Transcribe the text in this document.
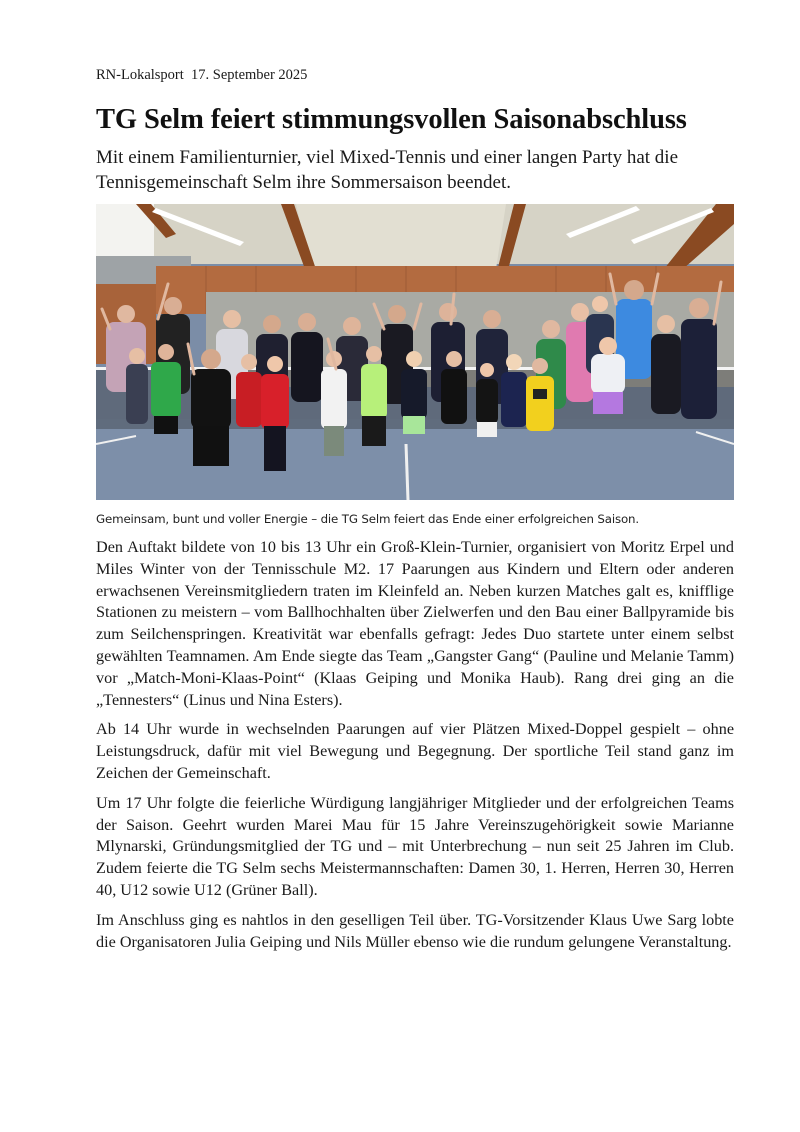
RN-Lokalsport 17. September 2025
TG Selm feiert stimmungsvollen Saisonabschluss

Mit einem Familienturnier, viel Mixed-Tennis und einer langen Party hat die Tennisgemeinschaft Selm ihre Sommersaison beendet.

Gemeinsam, bunt und voller Energie – die TG Selm feiert das Ende einer erfolgreichen Saison.

Den Auftakt bildete von 10 bis 13 Uhr ein Groß-Klein-Turnier, organisiert von Moritz Erpel und Miles Winter von der Tennisschule M2. 17 Paarungen aus Kindern und Eltern oder anderen erwachsenen Vereinsmitgliedern traten im Kleinfeld an. Neben kurzen Matches galt es, knifflige Stationen zu meistern – vom Ballhochhalten über Zielwerfen und den Bau einer Ballpyramide bis zum Seilchenspringen. Kreativität war ebenfalls gefragt: Jedes Duo startete unter einem selbst gewählten Teamnamen. Am Ende siegte das Team „Gangster Gang“ (Pauline und Melanie Tamm) vor „Match-Moni-Klaas-Point“ (Klaas Geiping und Monika Haub). Rang drei ging an die „Tennesters“ (Linus und Nina Esters).

Ab 14 Uhr wurde in wechselnden Paarungen auf vier Plätzen Mixed-Doppel gespielt – ohne Leistungsdruck, dafür mit viel Bewegung und Begegnung. Der sportliche Teil stand ganz im Zeichen der Gemeinschaft.

Um 17 Uhr folgte die feierliche Würdigung langjähriger Mitglieder und der erfolgreichen Teams der Saison. Geehrt wurden Marei Mau für 15 Jahre Vereinszugehörigkeit sowie Marianne Mlynarski, Gründungsmitglied der TG und – mit Unterbrechung – nun seit 25 Jahren im Club. Zudem feierte die TG Selm sechs Meistermannschaften: Damen 30, 1. Herren, Herren 30, Herren 40, U12 sowie U12 (Grüner Ball).

Im Anschluss ging es nahtlos in den geselligen Teil über. TG-Vorsitzender Klaus Uwe Sarg lobte die Organisatoren Julia Geiping und Nils Müller ebenso wie die rundum gelungene Veranstaltung.
